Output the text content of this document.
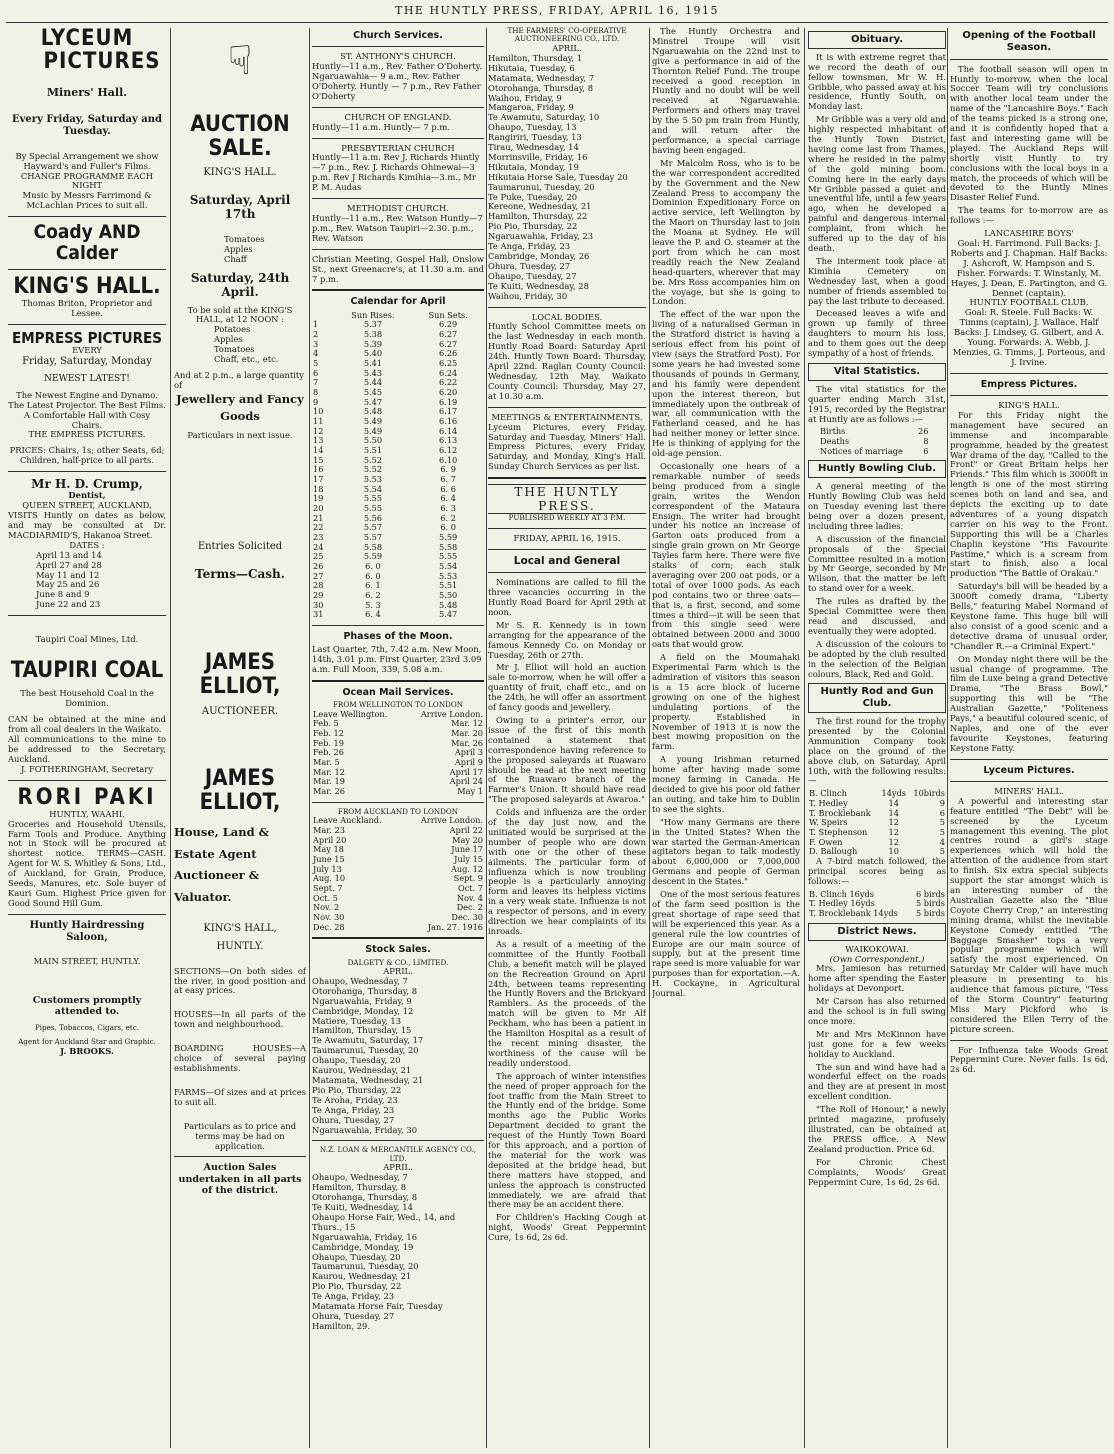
THE HUNTLY PRESS, FRIDAY, APRIL 16, 1915
LYCEUM
PICTURES
Miners' Hall.
Every Friday, Saturday and Tuesday.
By Special Arrangement we show Hayward's and Fuller's Films.
CHANGE PROGRAMME EACH NIGHT
Music by Messrs Farrimond & McLachlan Prices to suit all.
Coady AND Calder
KING'S HALL.
Thomas Briton, Proprietor and Lessee.
EMPRESS PICTURES
EVERY
Friday, Saturday, Monday
NEWEST LATEST!
The Newest Engine and Dynamo. The Latest Projector. The Best Films. A Comfortable Hall with Cosy Chairs.
THE EMPRESS PICTURES.
PRICES: Chairs, 1s; other Seats, 6d; Children, half-price to all parts.
Mr H. D. Crump,
Dentist,
QUEEN STREET, AUCKLAND,
VISITS Huntly on dates as below, and may be consulted at Dr. MACDIARMID'S, Hakanoa Street.
DATES :
April 13 and 14
April 27 and 28
May 11 and 12
May 25 and 26
June 8 and 9
June 22 and 23
Taupiri Coal Mines, Ltd.
TAUPIRI COAL
The best Household Coal in the Dominion.
CAN be obtained at the mine and from all coal dealers in the Waikato.
All communications to the mine to be addressed to the Secretary, Auckland.
J. FOTHERINGHAM, Secretary
RORI PAKI
HUNTLY, WAAHI.
Groceries and Household Utensils, Farm Tools and Produce. Anything not in Stock will be procured at shortest notice. TERMS—CASH. Agent for W. S. Whitley & Sons, Ltd., of Auckland, for Grain, Produce, Seeds, Manures, etc. Sole buyer of Kauri Gum. Highest Price given for Good Sound Hill Gum.
Huntly Hairdressing Saloon,
MAIN STREET, HUNTLY.
Customers promptly attended to.
Pipes, Tobaccos, Cigars, etc.
Agent for Auckland Star and Graphic.
J. BROOKS.
☟
AUCTION SALE.
KING'S HALL.
Saturday, April 17th
Tomatoes
Apples
Chaff
Saturday, 24th April.
To be sold at the KING'S HALL, at 12 NOON :
Potatoes
Apples
Tomatoes
Chaff, etc., etc.
And at 2 p.m., a large quantity of
Jewellery and Fancy Goods
Particulars in next issue.
Entries Solicited
Terms—Cash.
JAMES ELLIOT,
AUCTIONEER.
JAMES ELLIOT,
House, Land & Estate Agent Auctioneer & Valuator.
KING'S HALL,
HUNTLY.
SECTIONS—On both sides of the river, in good position and at easy prices.
HOUSES—In all parts of the town and neighbourhood.
BOARDING HOUSES—A choice of several paying establishments.
FARMS—Of sizes and at prices to suit all.
Particulars as to price and terms may be had on application.
Auction Sales undertaken in all parts of the district.
Church Services.
ST. ANTHONY'S CHURCH.
Huntly—11 a.m., Rev. Father O'Doherty. Ngaruawahia— 9 a.m., Rev. Father O'Doherty. Huntly — 7 p.m., Rev Father O'Doherty
CHURCH OF ENGLAND.
Huntly—11 a.m. Huntly— 7 p.m.
PRESBYTERIAN CHURCH
Huntly—11 a.m. Rev J. Richards Huntly—7 p.m., Rev. J. Richards Ohinewai—3 p.m. Rev J Richards Kimihia—3.m., Mr P. M. Audas
METHODIST CHURCH.
Huntly—11 a.m., Rev. Watson Huntly—7 p.m., Rev. Watson Taupiri—2.30. p.m., Rev. Watson
Christian Meeting, Gospel Hall, Onslow St., next Greenacre's, at 11.30 a.m. and 7 p.m.
Calendar for April
	Sun Rises.	Sun Sets.
1	5.37	6.29
2	5.38	6.27
3	5.39	6.27
4	5.40	6.26
5	5.41	6.25
6	5.43	6.24
7	5.44	6.22
8	5.45	6.20
9	5.47	6.19
10	5.48	6.17
11	5.49	6.16
12	5.49	6.14
13	5.50	6.13
14	5.51	6.12
15	5.52	6.10
16	5.52	6. 9
17	5.53	6. 7
18	5.54	6. 6
19	5.55	6. 4
20	5.55	6. 3
21	5.56	6. 2
22	5.57	6. 0
23	5.57	5.59
24	5.58	5.58
25	5.59	5.55
26	6. 0	5.54
27	6. 0	5.53
28	6. 1	5.51
29	6. 2	5.50
30	5. 3	5.48
31	6. 4	5.47
Phases of the Moon.
Last Quarter, 7th, 7.42 a.m. New Moon, 14th, 3.01 p.m. First Quarter, 23rd 3.09 a.m. Full Moon, 339, 5.08 a.m.
Ocean Mail Services.
FROM WELLINGTON TO LONDON
Leave Wellington.	Arrive London.
Feb. 5	Mar. 12
Feb. 12	Mar. 20
Feb. 19	Mar. 26
Feb. 26	April 3
Mar. 5	April 9
Mar. 12	April 17
Mar. 19	April 24
Mar. 26	May 1
FROM AUCKLAND TO LONDON
Leave Auckland.	Arrive London.
Mar. 23	April 22
April 20	May 20
May 18	June 17
June 15	July 15
July 13	Aug. 12
Aug. 10	Sept. 9
Sept. 7	Oct. 7
Oct. 5	Nov. 4
Nov. 2	Dec. 2
Nov. 30	Dec. 30
Dec. 28	Jan. 27. 1916
Stock Sales.
DALGETY & CO., LIMITED.
APRIL.
Ohaupo, Wednesday, 7
Otorohanga, Thursday, 8
Ngaruawahia, Friday, 9
Cambridge, Monday, 12
Matiere, Tuesday, 13
Hamilton, Thursday, 15
Te Awamutu, Saturday, 17
Taumarunui, Tuesday, 20
Ohaupo, Tuesday, 20
Kaurou, Wednesday, 21
Matamata, Wednesday, 21
Pio Pio, Thursday, 22
Te Aroha, Friday, 23
Te Anga, Friday, 23
Ohura, Tuesday, 27
Ngaruawahia, Friday, 30
N.Z. LOAN & MERCANTILE AGENCY CO., LTD.
APRIL.
Ohaupo, Wednesday, 7
Hamilton, Thursday, 8
Otorohanga, Thursday, 8
Te Kuiti, Wednesday, 14
Ohaupo Horse Fair, Wed., 14, and Thurs., 15
Ngaruawahia, Friday, 16
Cambridge, Monday, 19
Ohaupo, Tuesday, 20
Taumarunui, Tuesday, 20
Kaurou, Wednesday, 21
Pio Pio, Thursday, 22
Te Anga, Friday, 23
Matamata Horse Fair, Tuesday
Ohura, Tuesday, 27
Hamilton, 29.
THE FARMERS' CO-OPERATIVE AUCTIONEERING CO., LTD.
APRIL.
Hamilton, Thursday, 1
Hikutaia, Tuesday, 6
Matamata, Wednesday, 7
Otorohanga, Thursday, 8
Waihou, Friday, 9
Mangaroa, Friday, 9
Te Awamutu, Saturday, 10
Ohaupo, Tuesday, 13
Rangiriri, Tuesday, 13
Tirau, Wednesday, 14
Morrinsville, Friday, 16
Hikutaia, Monday, 19
Hikutaia Horse Sale, Tuesday 20
Taumarunui, Tuesday, 20
Te Puke, Tuesday, 20
Kereone, Wednesday, 21
Hamilton, Thursday, 22
Pio Pio, Thursday, 22
Ngaruawahia, Friday, 23
Te Anga, Friday, 23
Cambridge, Monday, 26
Ohura, Tuesday, 27
Ohaupo, Tuesday, 27
Te Kuiti, Wednesday, 28
Waihou, Friday, 30
LOCAL BODIES.
Huntly School Committee meets on the last Wednesday in each month. Huntly Road Board: Saturday April 24th. Huntly Town Board: Thursday, April 22nd. Raglan County Council: Wednesday, 12th May. Waikato County Council: Thursday, May 27, at 10.30 a.m.
MEETINGS & ENTERTAINMENTS.
Lyceum Pictures, every Friday, Saturday and Tuesday, Miners' Hall. Empress Pictures, every Friday, Saturday, and Monday, King's Hall. Sunday Church Services as per list.
THE HUNTLY PRESS.
PUBLISHED WEEKLY AT 3 P.M.
FRIDAY, APRIL 16, 1915.
Local and General

Nominations are called to fill the three vacancies occurring in the Huntly Road Board for April 29th at noon.

Mr S. R. Kennedy is in town arranging for the appearance of the famous Kennedy Co. on Monday or Tuesday, 26th or 27th.

Mr J. Elliot will hold an auction sale to-morrow, when he will offer a quantity of fruit, chaff etc., and on the 24th, he will offer an assortment of fancy goods and jewellery.

Owing to a printer's error, our issue of the first of this month contained a statement that correspondence having reference to the proposed saleyards at Ruawaro should be read at the next meeting of the Ruawaro branch of the Farmer's Union. It should have read "The proposed saleyards at Awaroa."

Colds and influenza are the order of the day just now, and the unitiated would be surprised at the number of people who are down with one or the other of these ailments. The particular form of influenza which is now troubling people is a particularly annoying form and leaves its helpless victims in a very weak state. Influenza is not a respector of persons, and in every direction we hear complaints of its inroads.

As a result of a meeting of the committee of the Huntly Football Club, a benefit match will be played on the Recreation Ground on April 24th, between teams representing the Huntly Rovers and the Brickyard Ramblers. As the proceeds of the match will be given to Mr Alf Peckham, who has been a patient in the Hamilton Hospital as a result of the recent mining disaster, the worthiness of the cause will be readily understood.

The approach of winter intensifies the need of proper approach for the foot traffic from the Main Street to the Huntly end of the bridge. Some months ago the Public Works Department decided to grant the request of the Huntly Town Board for this approach, and a portion of the material for the work was deposited at the bridge head, but there matters have stopped, and unless the approach is constructed immediately, we are afraid that there may be an accident there.

For Children's Hacking Cough at night, Woods' Great Peppermint Cure, 1s 6d, 2s 6d.

The Huntly Orchestra and Minstrel Troupe will visit Ngaruawahia on the 22nd inst to give a performance in aid of the Thornton Relief Fund. The troupe received a good reception in Huntly and no doubt will be well received at Ngaruawahia. Performers and others may travel by the 5 50 pm train from Huntly, and will return after the performance, a special carriage having been engaged.

Mr Malcolm Ross, who is to be the war correspondent accredited by the Government and the New Zealand Press to accompany the Dominion Expeditionary Force on active service, left Wellington by the Maori on Thursday last to join the Moana at Sydney. He will leave the P. and O. steamer at the port from which he can most readily reach the New Zealand head-quarters, wherever that may be. Mrs Ross accompanies him on the voyage, but she is going to London.

The effect of the war upon the living of a naturalised German in the Stratford district is having a serious effect from his point of view (says the Stratford Post). For some years he had invested some thousands of pounds in Germany, and his family were dependent upon the interest thereon, but immediately upon the outbreak of war, all communication with the Fatherland ceased, and he has had neither money or letter since. He is thinking of applying for the old-age pension.

Occasionally one hears of a remarkable number of seeds being produced from a single grain, writes the Wendon correspondent of the Mataura Ensign. The writer had brought under his notice an increase of Garton oats produced from a single grain grown on Mr George Tayles farm here. There were five stalks of corn; each stalk averaging over 200 oat pods, or a total of over 1000 pods. As each pod contains two or three oats—that is, a first, second, and some times a third—it will be seen that from this single seed were obtained between 2000 and 3000 oats that would grow.

A field on the Moumahaki Experimental Farm which is the admiration of visitors this season is a 15 acre block of lucerne growing on one of the highest undulating portions of the property. Established in November of 1913 it is now the best mowing proposition on the farm.

A young Irishman returned home after having made some money farming in Canada. He decided to give his poor old father an outing, and take him to Dublin to see the sights.

"How many Germans are there in the United States? When the war started the German-American agitators began to talk modestly about 6,000,000 or 7,000,000 Germans and people of German descent in the States."

One of the most serious features of the farm seed position is the great shortage of rape seed that will be experienced this year. As a general rule the low countries of Europe are our main source of supply, but at the present time rape seed is more valuable for war purposes than for exportation.—A. H. Cockayne, in Agricultural Journal.

Obituary.

It is with extreme regret that we record the death of our fellow townsman, Mr W. H. Gribble, who passed away at his residence, Huntly South, on Monday last.

Mr Gribble was a very old and highly respected inhabitant of the Huntly Town District, having come last from Thames, where he resided in the palmy of the gold mining boom. Coming here in the early days Mr Gribble passed a quiet and uneventful life, until a few years ago, when he developed a painful and dangerous internal complaint, from which he suffered up to the day of his death.

The interment took place at Kimihia Cemetery on Wednesday last, when a good number of friends assembled to pay the last tribute to deceased.

Deceased leaves a wife and grown up family of three daughters to mourn his loss, and to them goes out the deep sympathy of a host of friends.

Vital Statistics.

The vital statistics for the quarter ending March 31st, 1915, recorded by the Registrar at Huntly are as follows :—

Births	26
Deaths	8
Notices of marriage	6
Huntly Bowling Club.

A general meeting of the Huntly Bowling Club was held on Tuesday evening last there being over a dozen present, including three ladies.

A discussion of the financial proposals of the Special Committee resulted in a motion by Mr George, seconded by Mr Wilson, that the matter be left to stand over for a week.

The rules as drafted by the Special Committee were then read and discussed, and eventually they were adopted.

A discussion of the colours to be adopted by the club resulted in the selection of the Belgian colours, Black, Red and Gold.

Huntly Rod and Gun Club.

The first round for the trophy presented by the Colonial Ammunition Company took place on the ground of the above club, on Saturday, April 10th, with the following results:—

B. Clinch	14yds	10birds
T. Hedley	14	9
T. Brocklebank	14	6
W. Speirs	12	5
T. Stephenson	12	5
F. Owen	12	4
D. Ballough	10	5

A 7-bird match followed, the principal scores being as follows:—

B. Clinch 16yds	6 birds
T. Hedley 16yds	5 birds
T. Brocklebank 14yds	5 birds
District News.
WAIKOKOWAI.
(Own Correspondent.)

Mrs. Jamieson has returned home after spending the Easter holidays at Devonport.

Mr Carson has also returned and the school is in full swing once more.

Mr and Mrs McKinnon have just gone for a few weeks holiday to Auckland.

The sun and wind have had a wonderful effect on the roads and they are at present in most excellent condition.

"The Roll of Honour," a newly printed magazine, profusely illustrated, can be obtained at the PRESS office. A New Zealand production. Price 6d.

For Chronic Chest Complaints, Woods' Great Peppermint Cure, 1s 6d, 2s 6d.

Opening of the Football Season.

The football season will open in Huntly to-morrow, when the local Soccer Team will try conclusions with another local team under the name of the "Lancashire Boys." Each of the teams picked is a strong one, and it is confidently hoped that a fast and interesting game will be played. The Auckland Reps will shortly visit Huntly to try conclusions with the local boys in a match, the proceeds of which will be devoted to the Huntly Mines Disaster Relief Fund.

The teams for to-morrow are as follows :—

LANCASHIRE BOYS'
Goal: H. Farrimond. Full Backs: J. Roberts and J. Chapman. Half Backs: J. Ashcroft, W. Hampson and S. Fisher. Forwards: T. Winstanly, M. Hayes, J. Dean, E. Partington, and G. Dennet (captain).
HUNTLY FOOTBALL CLUB.
Goal: R. Steele. Full Backs: W. Timms (captain), J. Wallace. Half Backs: J. Lindsey, G. Gilbert, and A. Young. Forwards: A. Webb, J. Menzies, G. Timms, J. Porteous, and J. Irvine.
Empress Pictures.
KING'S HALL.

For this Friday night the management have secured an immense and incomparable programme, headed by the greatest War drama of the day, "Called to the Front" or Great Britain helps her Friends." This film which is 3000ft in length is one of the most stirring scenes both on land and sea, and depicts the exciting up to date adventures of a young dispatch carrier on his way to the Front. Supporting this will be a Charles Chaplin keystone "His Favourite Pastime," which is a scream from start to finish, also a local production "The Battle of Orakau."

Saturday's bill will be headed by a 3000ft comedy drama, "Liberty Bells," featuring Mabel Normand of Keystone fame. This huge bill will also consist of a good scenic and a detective drama of unusual order, "Chandler R.—a Criminal Expert."

On Monday night there will be the usual change of programme. The film de Luxe being a grand Detective Drama, "The Brass Bowl," supporting this will be "The Australian Gazette," "Politeness Pays," a beautiful coloured scenic, of Naples, and one of the ever favourite Keystones, featuring Keystone Fatty.

Lyceum Pictures.
MINERS' HALL.

A powerful and interesting star feature entitled "The Debt" will be screened by the Lyceum management this evening. The plot centres round a girl's stage experiences which will hold the attention of the audience from start to finish. Six extra special subjects support the star amongst which is an interesting number of the Australian Gazette also the "Blue Coyote Cherry Crop," an interesting mining drama, whilst the inevitable Keystone Comedy entitled "The Baggage Smasher" tops a very popular programme which will satisfy the most experienced. On Saturday Mr Calder will have much pleasure in presenting to his audience that famous picture, "Tess of the Storm Country" featuring Miss Mary Pickford who is considered the Ellen Terry of the picture screen.

For Influenza take Woods Great Peppermint Cure. Never fails. 1s 6d, 2s 6d.
